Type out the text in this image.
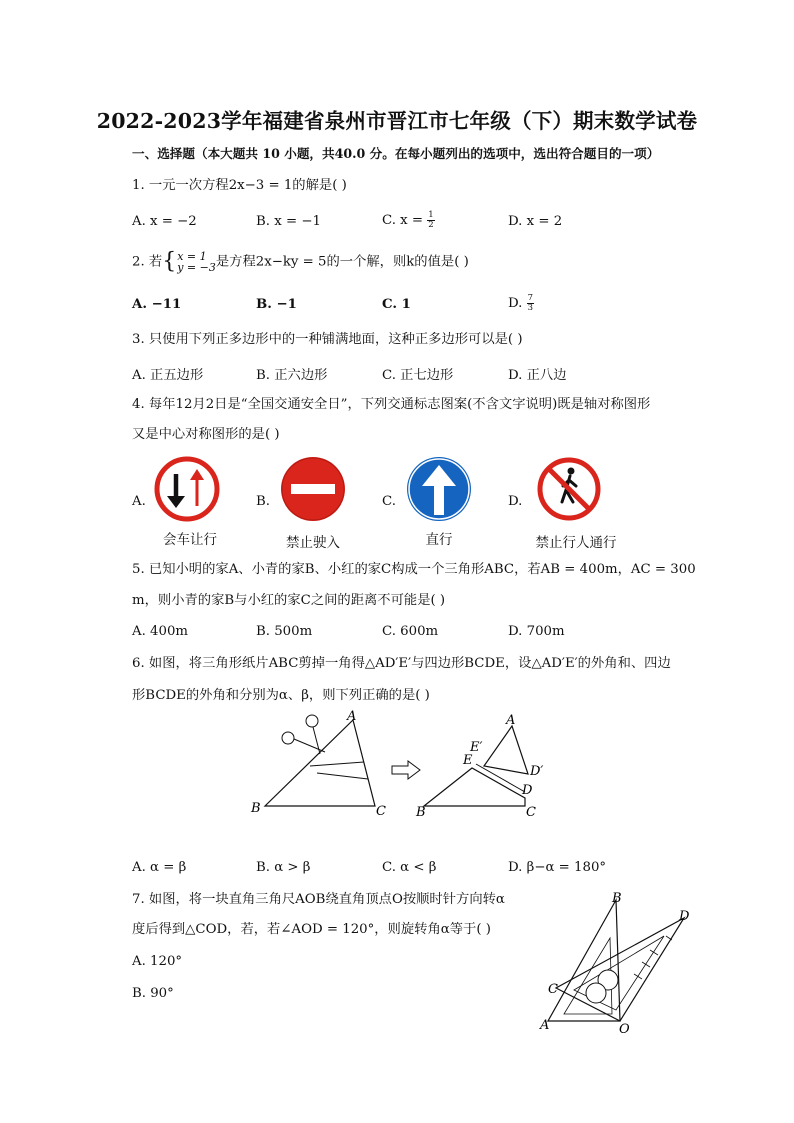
2022-2023学年福建省泉州市晋江市七年级（下）期末数学试卷
一、选择题（本大题共 10 小题，共40.0 分。在每小题列出的选项中，选出符合题目的一项）
1. 一元一次方程2x−3 = 1的解是( )
A. x = −2	B. x = −1	C. $x = \frac{1}{2}$	D. x = 2
2. 若{ x = 1
y = −3 是方程2x−ky = 5的一个解，则k的值是( )
A. −11	B. −1	C. 1	D. $\frac{7}{3}$
3. 只使用下列正多边形中的一种铺满地面，这种正多边形可以是( )
A. 正五边形	B. 正六边形	C. 正七边形	D. 正八边
4. 每年12月2日是“全国交通安全日”，下列交通标志图案(不含文字说明)既是轴对称图形
又是中心对称图形的是( )
A.	B.	C.	D.
会车让行	禁止驶入	直行	禁止行人通行
5. 已知小明的家A、小青的家B、小红的家C构成一个三角形ABC，若AB = 400m，AC = 300
m，则小青的家B与小红的家C之间的距离不可能是( )
A. 400m	B. 500m	C. 600m	D. 700m
6. 如图，将三角形纸片ABC剪掉一角得△AD′E′与四边形BCDE，设△AD′E′的外角和、四边
形BCDE的外角和分别为α、β，则下列正确的是( )
A
B	C
A
E′
E
D′
D
B	C
A. α = β	B. α > β	C. α < β	D. β−α = 180°
7. 如图，将一块直角三角尺AOB绕直角顶点O按顺时针方向转α
度后得到△COD，若，若∠AOD = 120°，则旋转角α等于( )
A. 120°
B. 90°
B
D
C
A	O
